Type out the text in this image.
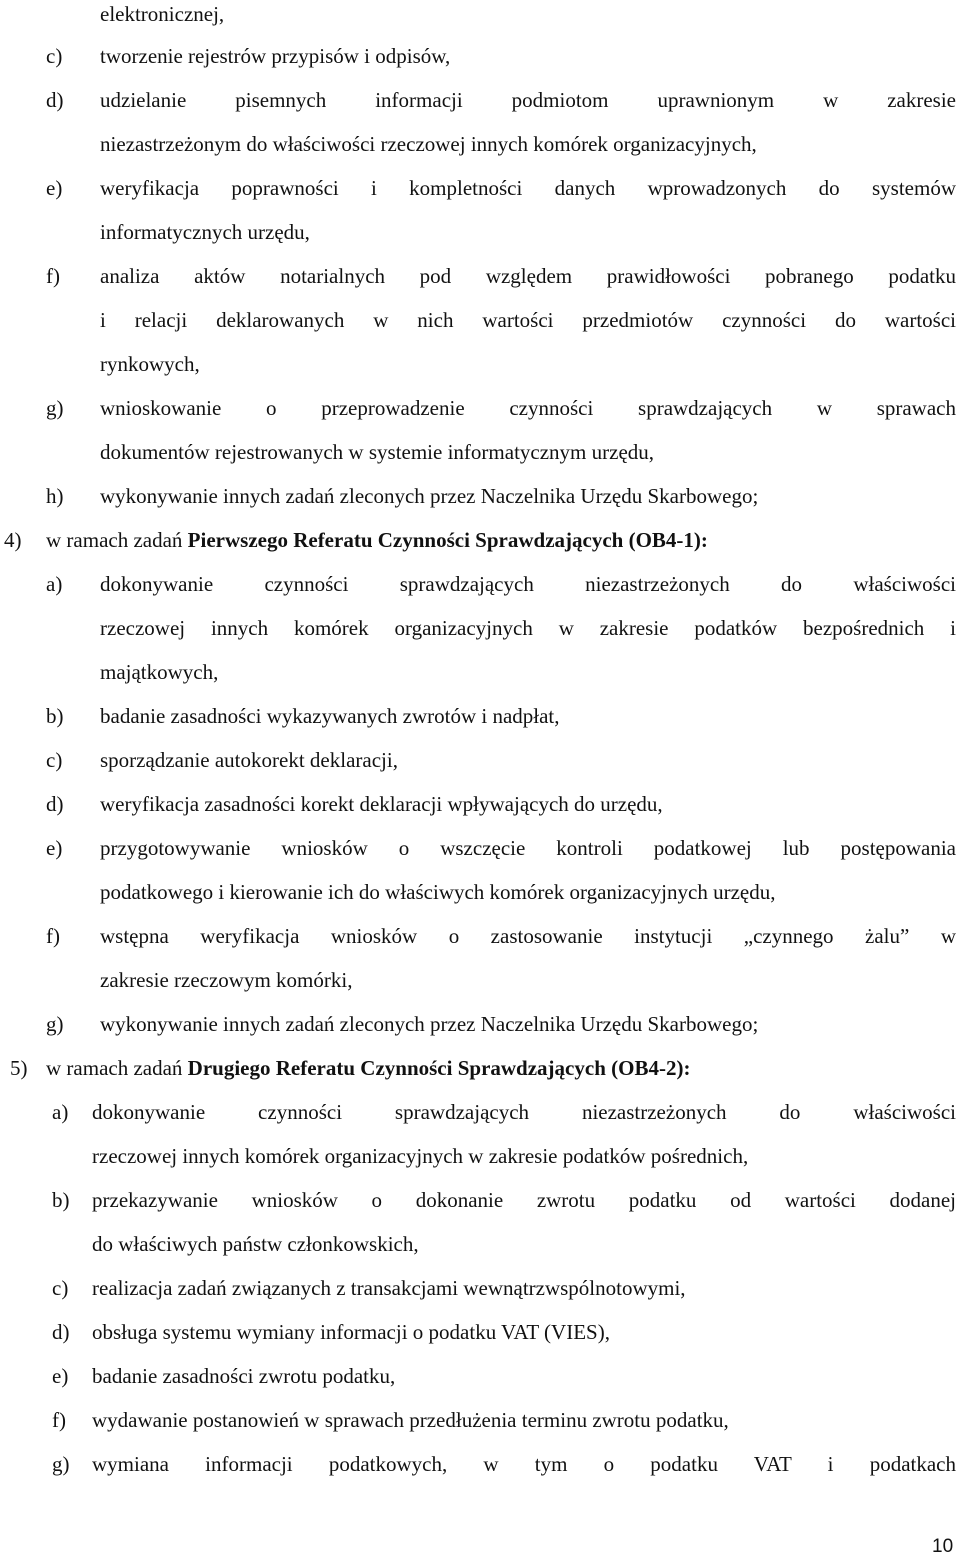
elektronicznej,
c) tworzenie rejestrów przypisów i odpisów,
d) udzielanie pisemnych informacji podmiotom uprawnionym w zakresie
niezastrzeżonym do właściwości rzeczowej innych komórek organizacyjnych,
e) weryfikacja poprawności i kompletności danych wprowadzonych do systemów
informatycznych urzędu,
f) analiza aktów notarialnych pod względem prawidłowości pobranego podatku
i relacji deklarowanych w nich wartości przedmiotów czynności do wartości
rynkowych,
g) wnioskowanie o przeprowadzenie czynności sprawdzających w sprawach
dokumentów rejestrowanych w systemie informatycznym urzędu,
h) wykonywanie innych zadań zleconych przez Naczelnika Urzędu Skarbowego;
4) w ramach zadań Pierwszego Referatu Czynności Sprawdzających (OB4-1):
a) dokonywanie czynności sprawdzających niezastrzeżonych do właściwości
rzeczowej innych komórek organizacyjnych w zakresie podatków bezpośrednich i
majątkowych,
b) badanie zasadności wykazywanych zwrotów i nadpłat,
c) sporządzanie autokorekt deklaracji,
d) weryfikacja zasadności korekt deklaracji wpływających do urzędu,
e) przygotowywanie wniosków o wszczęcie kontroli podatkowej lub postępowania
podatkowego i kierowanie ich do właściwych komórek organizacyjnych urzędu,
f) wstępna weryfikacja wniosków o zastosowanie instytucji „czynnego żalu” w
zakresie rzeczowym komórki,
g) wykonywanie innych zadań zleconych przez Naczelnika Urzędu Skarbowego;
5) w ramach zadań Drugiego Referatu Czynności Sprawdzających (OB4-2):
a) dokonywanie czynności sprawdzających niezastrzeżonych do właściwości
rzeczowej innych komórek organizacyjnych w zakresie podatków pośrednich,
b) przekazywanie wniosków o dokonanie zwrotu podatku od wartości dodanej
do właściwych państw członkowskich,
c) realizacja zadań związanych z transakcjami wewnątrzwspólnotowymi,
d) obsługa systemu wymiany informacji o podatku VAT (VIES),
e) badanie zasadności zwrotu podatku,
f) wydawanie postanowień w sprawach przedłużenia terminu zwrotu podatku,
g) wymiana informacji podatkowych, w tym o podatku VAT i podatkach
10
